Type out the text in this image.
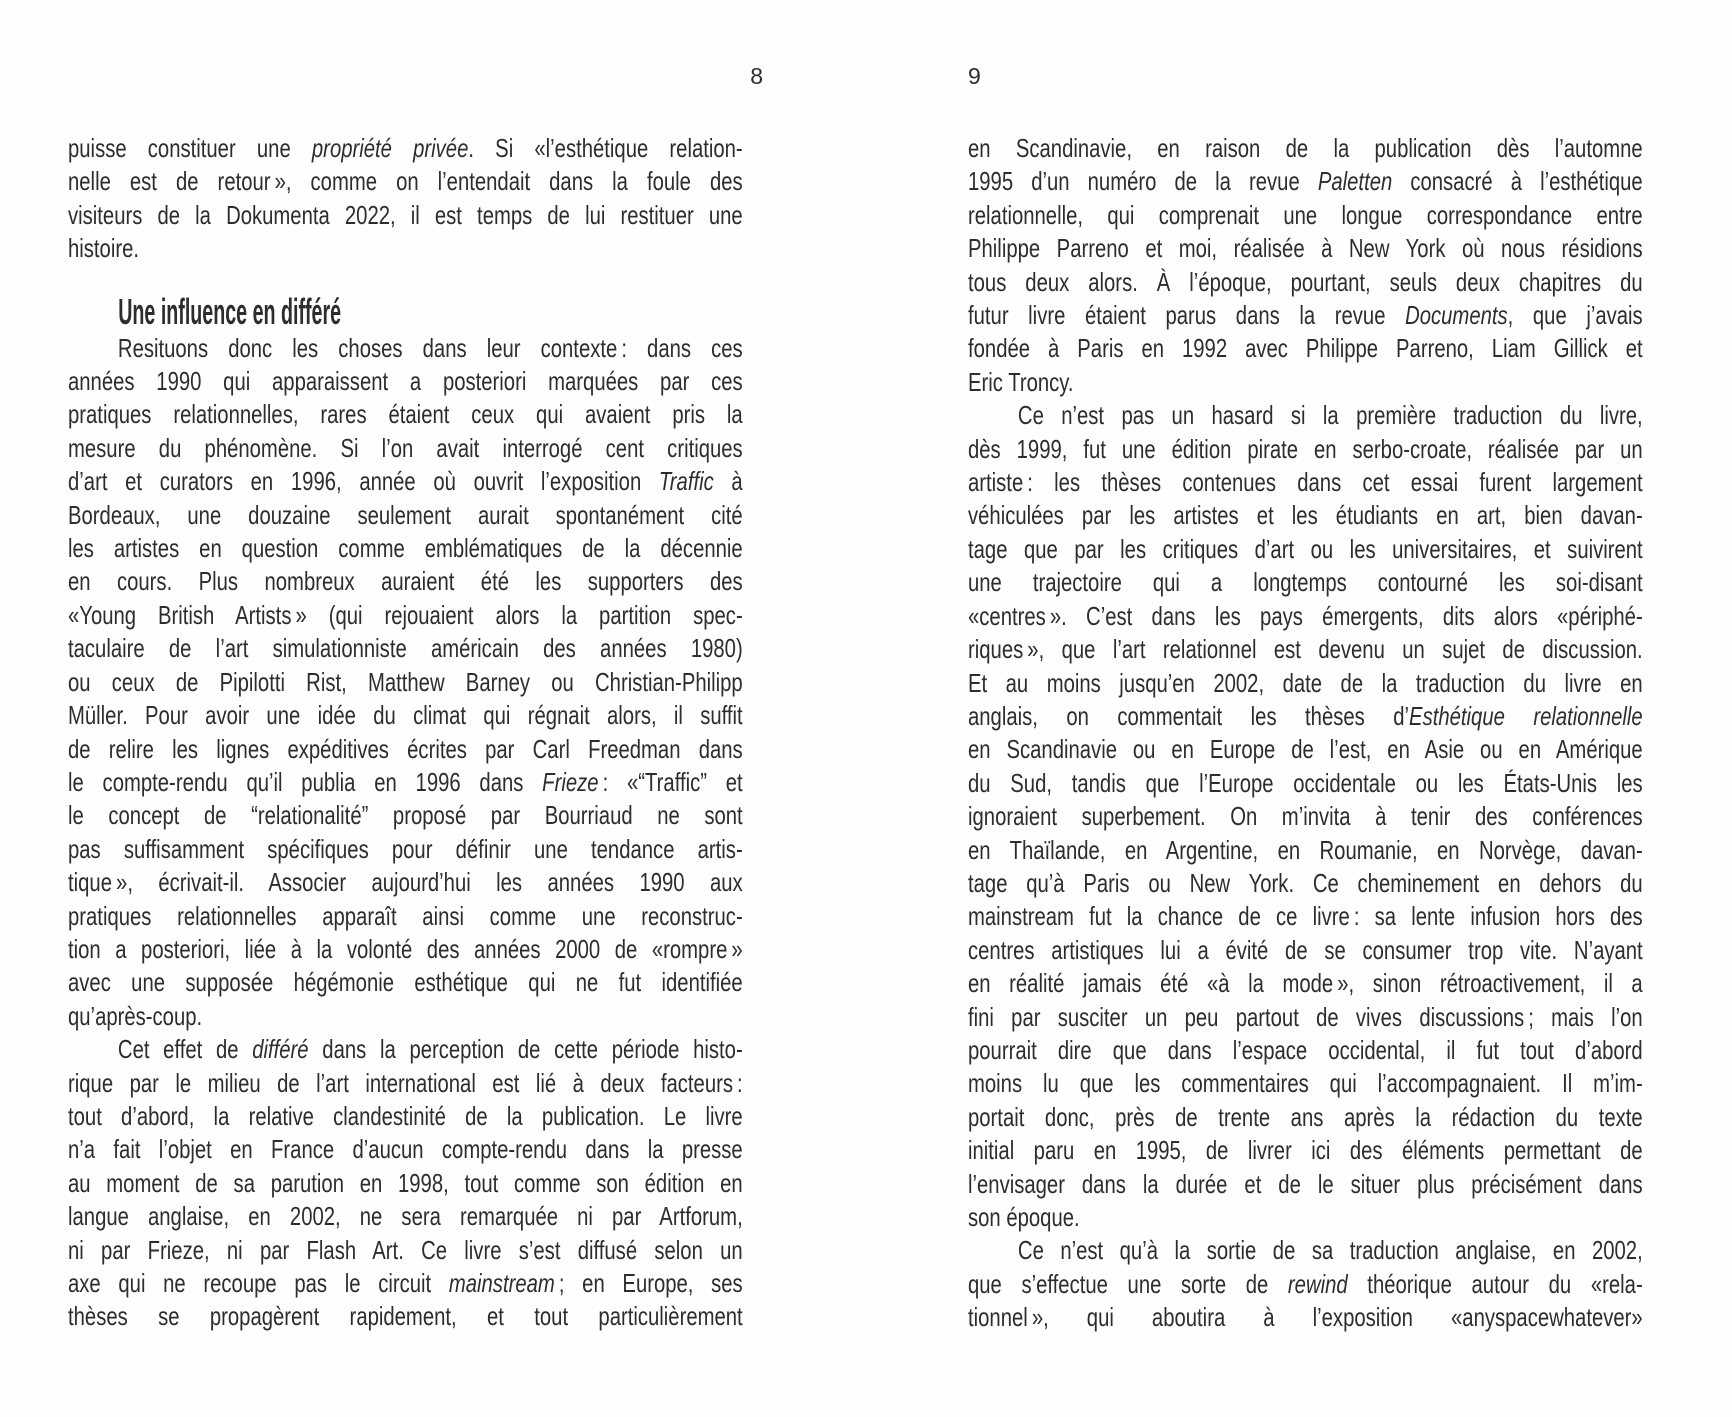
8
puisse constituer une propriété privée. Si «l’esthétique relation-
nelle est de retour », comme on l’entendait dans la foule des
visiteurs de la Dokumenta 2022, il est temps de lui restituer une
histoire.
Une influence en différé
Resituons donc les choses dans leur contexte : dans ces
années 1990 qui apparaissent a posteriori marquées par ces
pratiques relationnelles, rares étaient ceux qui avaient pris la
mesure du phénomène. Si l’on avait interrogé cent critiques
d’art et curators en 1996, année où ouvrit l’exposition Traffic à
Bordeaux, une douzaine seulement aurait spontanément cité
les artistes en question comme emblématiques de la décennie
en cours. Plus nombreux auraient été les supporters des
«Young British Artists » (qui rejouaient alors la partition spec-
taculaire de l’art simulationniste américain des années 1980)
ou ceux de Pipilotti Rist, Matthew Barney ou Christian-Philipp
Müller. Pour avoir une idée du climat qui régnait alors, il suffit
de relire les lignes expéditives écrites par Carl Freedman dans
le compte-rendu qu’il publia en 1996 dans Frieze : «“Traffic” et
le concept de “relationalité” proposé par Bourriaud ne sont
pas suffisamment spécifiques pour définir une tendance artis-
tique », écrivait-il. Associer aujourd’hui les années 1990 aux
pratiques relationnelles apparaît ainsi comme une reconstruc-
tion a posteriori, liée à la volonté des années 2000 de «rompre »
avec une supposée hégémonie esthétique qui ne fut identifiée
qu’après-coup.
Cet effet de différé dans la perception de cette période histo-
rique par le milieu de l’art international est lié à deux facteurs :
tout d’abord, la relative clandestinité de la publication. Le livre
n’a fait l’objet en France d’aucun compte-rendu dans la presse
au moment de sa parution en 1998, tout comme son édition en
langue anglaise, en 2002, ne sera remarquée ni par Artforum,
ni par Frieze, ni par Flash Art. Ce livre s’est diffusé selon un
axe qui ne recoupe pas le circuit mainstream ; en Europe, ses
thèses se propagèrent rapidement, et tout particulièrement
9
en Scandinavie, en raison de la publication dès l’automne
1995 d’un numéro de la revue Paletten consacré à l’esthétique
relationnelle, qui comprenait une longue correspondance entre
Philippe Parreno et moi, réalisée à New York où nous résidions
tous deux alors. À l’époque, pourtant, seuls deux chapitres du
futur livre étaient parus dans la revue Documents, que j’avais
fondée à Paris en 1992 avec Philippe Parreno, Liam Gillick et
Eric Troncy.
Ce n’est pas un hasard si la première traduction du livre,
dès 1999, fut une édition pirate en serbo-croate, réalisée par un
artiste : les thèses contenues dans cet essai furent largement
véhiculées par les artistes et les étudiants en art, bien davan-
tage que par les critiques d’art ou les universitaires, et suivirent
une trajectoire qui a longtemps contourné les soi-disant
«centres ». C’est dans les pays émergents, dits alors «périphé-
riques », que l’art relationnel est devenu un sujet de discussion.
Et au moins jusqu’en 2002, date de la traduction du livre en
anglais, on commentait les thèses d’Esthétique relationnelle
en Scandinavie ou en Europe de l’est, en Asie ou en Amérique
du Sud, tandis que l’Europe occidentale ou les États-Unis les
ignoraient superbement. On m’invita à tenir des conférences
en Thaïlande, en Argentine, en Roumanie, en Norvège, davan-
tage qu’à Paris ou New York. Ce cheminement en dehors du
mainstream fut la chance de ce livre : sa lente infusion hors des
centres artistiques lui a évité de se consumer trop vite. N’ayant
en réalité jamais été «à la mode », sinon rétroactivement, il a
fini par susciter un peu partout de vives discussions ; mais l’on
pourrait dire que dans l’espace occidental, il fut tout d’abord
moins lu que les commentaires qui l’accompagnaient. Il m’im-
portait donc, près de trente ans après la rédaction du texte
initial paru en 1995, de livrer ici des éléments permettant de
l’envisager dans la durée et de le situer plus précisément dans
son époque.
Ce n’est qu’à la sortie de sa traduction anglaise, en 2002,
que s’effectue une sorte de rewind théorique autour du «rela-
tionnel », qui aboutira à l’exposition «anyspacewhatever»
